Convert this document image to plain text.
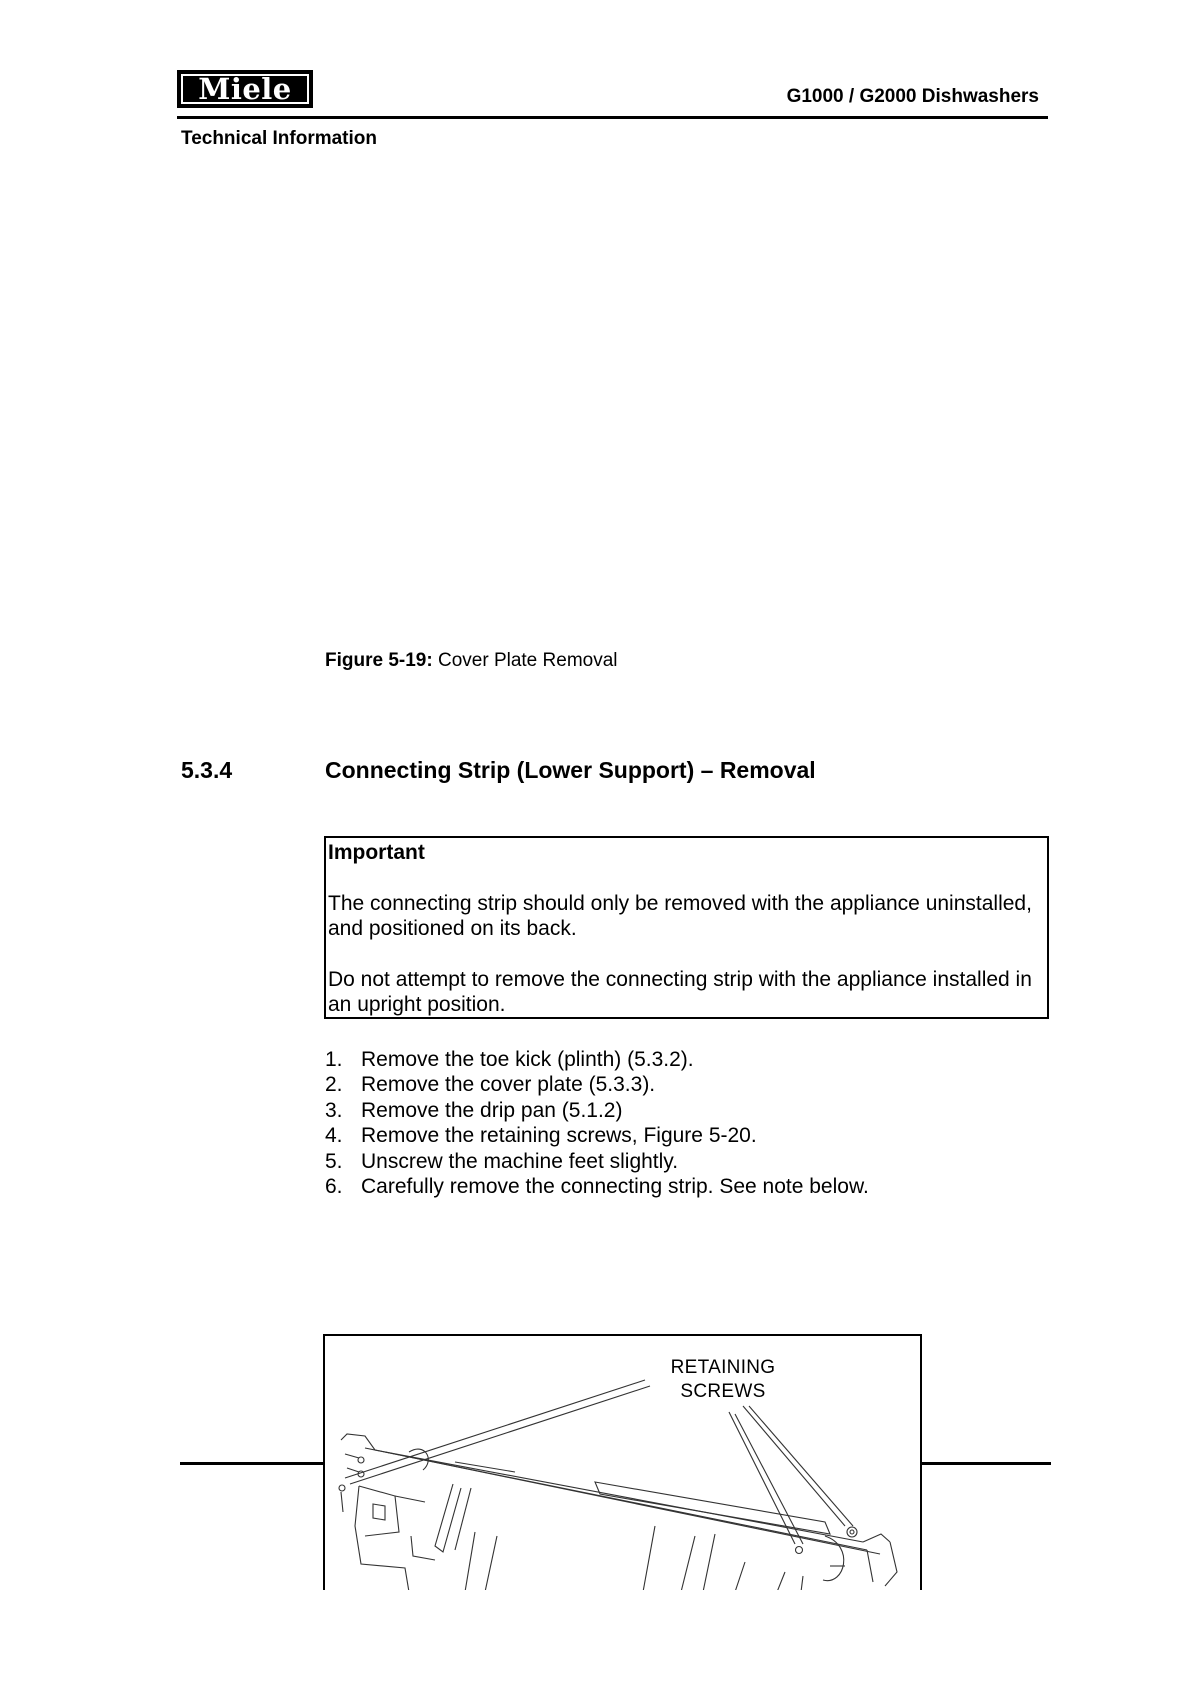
Miele	G1000 / G2000 Dishwashers
Technical Information
Figure 5-19: Cover Plate Removal
5.3.4	Connecting Strip (Lower Support) – Removal

Important

The connecting strip should only be removed with the appliance uninstalled, and positioned on its back.

Do not attempt to remove the connecting strip with the appliance installed in an upright position.

1. Remove the toe kick (plinth) (5.3.2).
2. Remove the cover plate (5.3.3).
3. Remove the drip pan (5.1.2)
4. Remove the retaining screws, Figure 5-20.
5. Unscrew the machine feet slightly.
6. Carefully remove the connecting strip. See note below.
RETAINING
SCREWS
